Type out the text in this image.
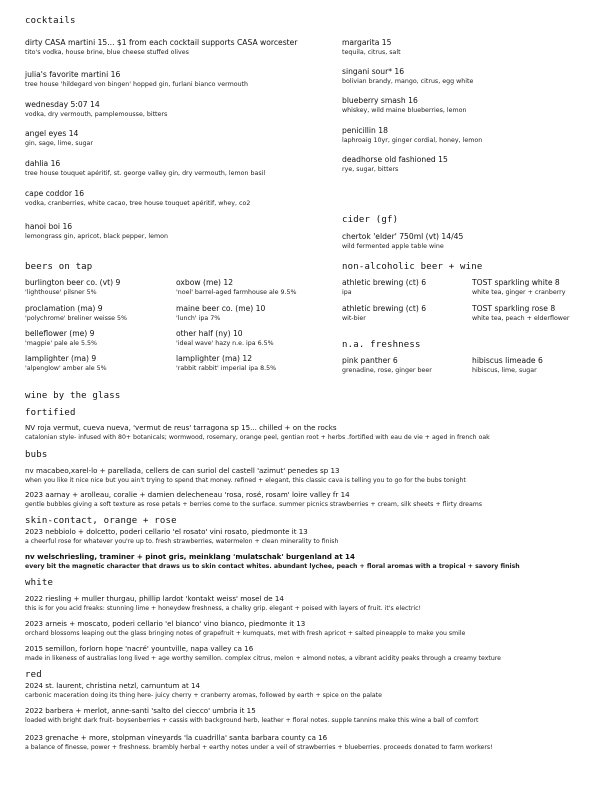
cocktails
dirty CASA martini 15... $1 from each cocktail supports CASA worcester
tito's vodka, house brine, blue cheese stuffed olives
julia's favorite martini 16
tree house 'hildegard von bingen' hopped gin, furlani bianco vermouth
wednesday 5:07 14
vodka, dry vermouth, pamplemousse, bitters
angel eyes 14
gin, sage, lime, sugar
dahlia 16
tree house touquet apéritif, st. george valley gin, dry vermouth, lemon basil
cape coddor 16
vodka, cranberries, white cacao, tree house touquet apéritif, whey, co2
hanoi boi 16
lemongrass gin, apricot, black pepper, lemon
margarita 15
tequila, citrus, salt
singani sour* 16
bolivian brandy, mango, citrus, egg white
blueberry smash 16
whiskey, wild maine blueberries, lemon
penicillin 18
laphroaig 10yr, ginger cordial, honey, lemon
deadhorse old fashioned 15
rye, sugar, bitters
cider (gf)
chertok 'elder' 750ml (vt) 14/45
wild fermented apple table wine
beers on tap
burlington beer co. (vt) 9
'lighthouse' pilsner 5%
proclamation (ma) 9
'polychrome' breliner weisse 5%
belleflower (me) 9
'magpie' pale ale 5.5%
lamplighter (ma) 9
'alpenglow' amber ale 5%
oxbow (me) 12
'noel' barrel-aged farmhouse ale 9.5%
maine beer co. (me) 10
'lunch' ipa 7%
other half (ny) 10
'ideal wave' hazy n.e. ipa 6.5%
lamplighter (ma) 12
'rabbit rabbit' imperial ipa 8.5%
non-alcoholic beer + wine
athletic brewing (ct) 6
ipa
athletic brewing (ct) 6
wit-bier
TOST sparkling white 8
white tea, ginger + cranberry
TOST sparkling rose 8
white tea, peach + elderflower
n.a. freshness
pink panther 6
grenadine, rose, ginger beer
hibiscus limeade 6
hibiscus, lime, sugar
wine by the glass
fortified
NV roja vermut, cueva nueva, 'vermut de reus' tarragona sp 15... chilled + on the rocks
catalonian style- infused with 80+ botanicals; wormwood, rosemary, orange peel, gentian root + herbs .fortified with eau de vie + aged in french oak
bubs
nv macabeo,xarel-lo + parellada, cellers de can suriol del castell 'azimut' penedes sp 13
when you like it nice nice but you ain't trying to spend that money. refined + elegant, this classic cava is telling you to go for the bubs tonight
2023 aarnay + arolleau, coralie + damien delecheneau 'rosa, rosé, rosam' loire valley fr 14
gentle bubbles giving a soft texture as rose petals + berries come to the surface. summer picnics strawberries + cream, silk sheets + flirty dreams
skin-contact, orange + rose
2023 nebbiolo + dolcetto, poderi cellario 'el rosato' vini rosato, piedmonte it 13
a cheerful rose for whatever you're up to. fresh strawberries, watermelon + clean minerality to finish
nv welschriesling, traminer + pinot gris, meinklang 'mulatschak' burgenland at 14
every bit the magnetic character that draws us to skin contact whites. abundant lychee, peach + floral aromas with a tropical + savory finish
white
2022 riesling + muller thurgau, phillip lardot 'kontakt weiss' mosel de 14
this is for you acid freaks: stunning lime + honeydew freshness, a chalky grip. elegant + poised with layers of fruit. it's electric!
2023 arneis + moscato, poderi cellario 'el bianco' vino bianco, piedmonte it 13
orchard blossoms leaping out the glass bringing notes of grapefruit + kumquats, met with fresh apricot + salted pineapple to make you smile
2015 semillon, forlorn hope 'nacré' yountville, napa valley ca 16
made in likeness of australias long lived + age worthy semillon. complex citrus, melon + almond notes, a vibrant acidity peaks through a creamy texture
red
2024 st. laurent, christina netzl, carnuntum at 14
carbonic maceration doing its thing here- juicy cherry + cranberry aromas, followed by earth + spice on the palate
2022 barbera + merlot, anne-santi 'salto del ciecco' umbria it 15
loaded with bright dark fruit- boysenberries + cassis with background herb, leather + floral notes. supple tannins make this wine a ball of comfort
2023 grenache + more, stolpman vineyards 'la cuadrilla' santa barbara county ca 16
a balance of finesse, power + freshness. brambly herbal + earthy notes under a veil of strawberries + blueberries. proceeds donated to farm workers!
